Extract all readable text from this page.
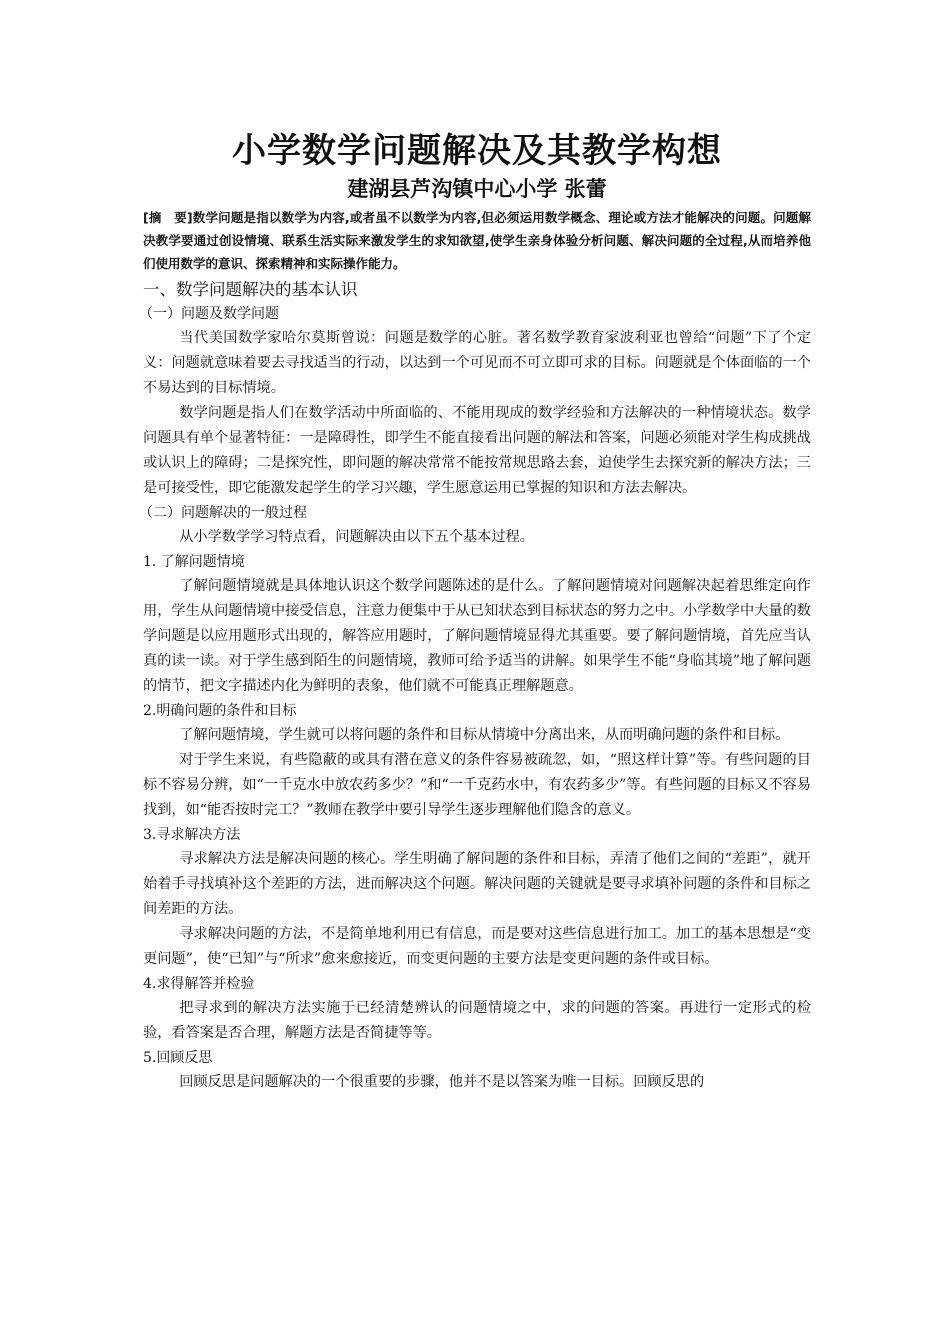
小学数学问题解决及其教学构想
建湖县芦沟镇中心小学 张蕾

[摘　要]数学问题是指以数学为内容,或者虽不以数学为内容,但必须运用数学概念、理论或方法才能解决的问题。问题解决教学要通过创设情境、联系生活实际来激发学生的求知欲望,使学生亲身体验分析问题、解决问题的全过程,从而培养他们使用数学的意识、探索精神和实际操作能力。

一、数学问题解决的基本认识
（一）问题及数学问题

当代美国数学家哈尔莫斯曾说：问题是数学的心脏。著名数学教育家波利亚也曾给“问题”下了个定义：问题就意味着要去寻找适当的行动，以达到一个可见而不可立即可求的目标。问题就是个体面临的一个不易达到的目标情境。

数学问题是指人们在数学活动中所面临的、不能用现成的数学经验和方法解决的一种情境状态。数学问题具有单个显著特征：一是障碍性，即学生不能直接看出问题的解法和答案，问题必须能对学生构成挑战或认识上的障碍；二是探究性，即问题的解决常常不能按常规思路去套，迫使学生去探究新的解决方法；三是可接受性，即它能激发起学生的学习兴趣，学生愿意运用已掌握的知识和方法去解决。

（二）问题解决的一般过程

从小学数学学习特点看，问题解决由以下五个基本过程。

1. 了解问题情境

了解问题情境就是具体地认识这个数学问题陈述的是什么。了解问题情境对问题解决起着思维定向作用，学生从问题情境中接受信息，注意力便集中于从已知状态到目标状态的努力之中。小学数学中大量的数学问题是以应用题形式出现的，解答应用题时，了解问题情境显得尤其重要。要了解问题情境，首先应当认真的读一读。对于学生感到陌生的问题情境，教师可给予适当的讲解。如果学生不能“身临其境”地了解问题的情节，把文字描述内化为鲜明的表象，他们就不可能真正理解题意。

2.明确问题的条件和目标

了解问题情境，学生就可以将问题的条件和目标从情境中分离出来，从而明确问题的条件和目标。

对于学生来说，有些隐蔽的或具有潜在意义的条件容易被疏忽，如，“照这样计算”等。有些问题的目标不容易分辨，如“一千克水中放农药多少？”和“一千克药水中，有农药多少”等。有些问题的目标又不容易找到，如“能否按时完工？”教师在教学中要引导学生逐步理解他们隐含的意义。

3.寻求解决方法

寻求解决方法是解决问题的核心。学生明确了解问题的条件和目标，弄清了他们之间的“差距”，就开始着手寻找填补这个差距的方法，进而解决这个问题。解决问题的关键就是要寻求填补问题的条件和目标之间差距的方法。

寻求解决问题的方法，不是简单地利用已有信息，而是要对这些信息进行加工。加工的基本思想是“变更问题”，使“已知”与“所求”愈来愈接近，而变更问题的主要方法是变更问题的条件或目标。

4.求得解答并检验

把寻求到的解决方法实施于已经清楚辨认的问题情境之中，求的问题的答案。再进行一定形式的检验，看答案是否合理，解题方法是否简捷等等。

5.回顾反思

回顾反思是问题解决的一个很重要的步骤，他并不是以答案为唯一目标。回顾反思的
